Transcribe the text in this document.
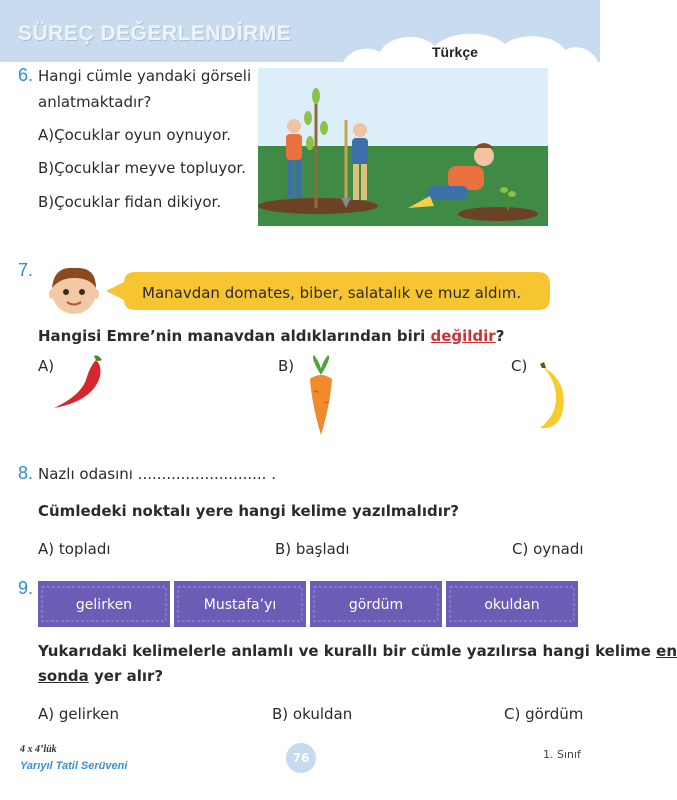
SÜREÇ DEĞERLENDİRME
Türkçe
6. Hangi cümle yandaki görseli
anlatmaktadır?
A)Çocuklar oyun oynuyor.
B)Çocuklar meyve topluyor.
B)Çocuklar fidan dikiyor.
7.
Manavdan domates, biber, salatalık ve muz aldım.
Hangisi Emre’nin manavdan aldıklarından biri değildir?
A)	B)	C)
8. Nazlı odasını ........................... .
Cümledeki noktalı yere hangi kelime yazılmalıdır?
A) topladı	B) başladı	C) oynadı
9.
gelirken	Mustafa’yı	gördüm	okuldan
Yukarıdaki kelimelerle anlamlı ve kurallı bir cümle yazılırsa hangi kelime en
sonda yer alır?
A) gelirken	B) okuldan	C) gördüm
4 x 4’lük
Yarıyıl Tatil Serüveni
76	1. Sınıf
